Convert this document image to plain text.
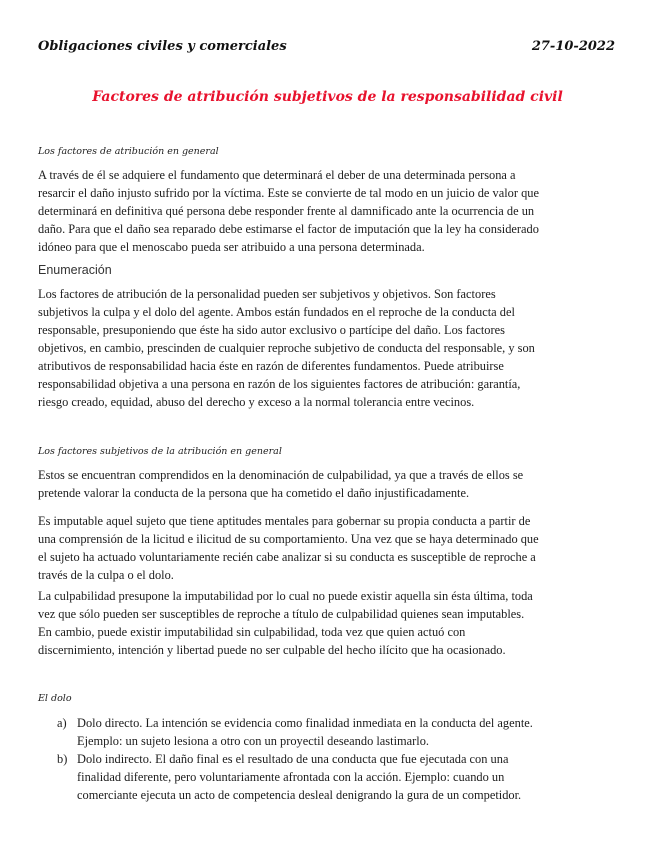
Obligaciones civiles y comerciales	27-10-2022
Factores de atribución subjetivos de la responsabilidad civil
Los factores de atribución en general
A través de él se adquiere el fundamento que determinará el deber de una determinada persona a
resarcir el daño injusto sufrido por la víctima. Este se convierte de tal modo en un juicio de valor que
determinará en definitiva qué persona debe responder frente al damnificado ante la ocurrencia de un
daño. Para que el daño sea reparado debe estimarse el factor de imputación que la ley ha considerado
idóneo para que el menoscabo pueda ser atribuido a una persona determinada.
Enumeración
Los factores de atribución de la personalidad pueden ser subjetivos y objetivos. Son factores
subjetivos la culpa y el dolo del agente. Ambos están fundados en el reproche de la conducta del
responsable, presuponiendo que éste ha sido autor exclusivo o partícipe del daño. Los factores
objetivos, en cambio, prescinden de cualquier reproche subjetivo de conducta del responsable, y son
atributivos de responsabilidad hacia éste en razón de diferentes fundamentos. Puede atribuirse
responsabilidad objetiva a una persona en razón de los siguientes factores de atribución: garantía,
riesgo creado, equidad, abuso del derecho y exceso a la normal tolerancia entre vecinos.
Los factores subjetivos de la atribución en general
Estos se encuentran comprendidos en la denominación de culpabilidad, ya que a través de ellos se
pretende valorar la conducta de la persona que ha cometido el daño injustificadamente.
Es imputable aquel sujeto que tiene aptitudes mentales para gobernar su propia conducta a partir de
una comprensión de la licitud e ilicitud de su comportamiento. Una vez que se haya determinado que
el sujeto ha actuado voluntariamente recién cabe analizar si su conducta es susceptible de reproche a
través de la culpa o el dolo.
La culpabilidad presupone la imputabilidad por lo cual no puede existir aquella sin ésta última, toda
vez que sólo pueden ser susceptibles de reproche a título de culpabilidad quienes sean imputables.
En cambio, puede existir imputabilidad sin culpabilidad, toda vez que quien actuó con
discernimiento, intención y libertad puede no ser culpable del hecho ilícito que ha ocasionado.
El dolo
a) Dolo directo. La intención se evidencia como finalidad inmediata en la conducta del agente.
Ejemplo: un sujeto lesiona a otro con un proyectil deseando lastimarlo.
b) Dolo indirecto. El daño final es el resultado de una conducta que fue ejecutada con una
finalidad diferente, pero voluntariamente afrontada con la acción. Ejemplo: cuando un
comerciante ejecuta un acto de competencia desleal denigrando la gura de un competidor.
